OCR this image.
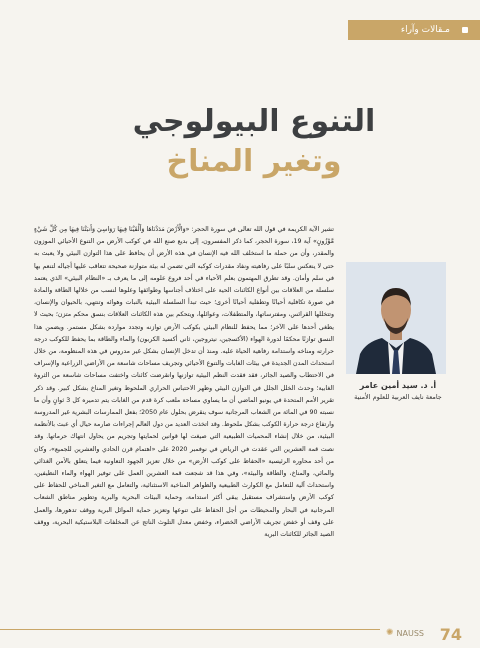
مـقالات وآراء
التنوع البيولوجي
وتغير المناخ

تشير الآية الكريمة في قول الله تعالى في سورة الحجر: «وَالْأَرْضَ مَدَدْنَاهَا وَأَلْقَيْنَا فِيهَا رَوَاسِيَ وَأَنبَتْنَا فِيهَا مِن كُلِّ شَيْءٍ مَّوْزُونٍ» آية 19، سورة الحجر، كما ذكر المفسرون، إلى بديع صنع الله في كوكب الأرض من التنوع الأحيائي الموزون والمقدر، وأن من حملة ما استخلف الله فيه الإنسان في هذه الأرض أن يحافظ على هذا التوازن البيئي ولا يعبث به حتى لا ينعكس سلبًا على رفاهيته ونفاد مقدرات كوكبه التي تضمن له بيئة متوازنة صحيحة تتعاقب عليها أجياله لتنعم بها في سلم وأمان. وقد تطرق المهتمون بعلم الأحياء في أحد فروع علومه إلى ما يعرف بـ «النظام البيئي» الذي يعتمد سلسلة من العلاقات بين أنواع الكائنات الحية على اختلاف أجناسها وطوائفها وعلوها لنسب من خلالها الطاقة والمادة في صورة تكافلية أحيانًا وتطفلية أحيانًا أخرى؛ حيث تبدأ السلسلة البيئية بالنبات وهوائه وتنتهي، بالحيوان والإنسان، وتتخللها القرائس، ومفترساتها، والمتطفلات، وعوائلها، ويتحكم بين هذه الكائنات العلاقات بنسق محكم متزن؛ بحيث لا يطغى أحدها على الآخر؛ مما يحفظ للنظام البيئي بكوكب الأرض توازنه وتجدد موارده بشكل مستمر. ويضمن هذا النسق توازنًا محكمًا لدورة الهواء (الأكسجين، نيتروجين، ثاني أكسيد الكربون) والماء والطاقة بما يحفظ للكوكب درجة حرارته ومناخه واستدامة رفاهية الحياة عليه. ومنذ أن تدخل الإنسان بشكل غير مدروس في هذه المنظومة، من خلال استحداث المدن الجديدة في بيئات الغابات والتنوع الأحيائي وتجريف مساحات شاسعة من الأراضي الزراعية والإسراف في الاحتطاب والصيد الجائر، فقد فقدت النظم البيئية توازنها وانقرضت كائنات واختفت مساحات شاسعة من الثروة الغابية؛ وحدث الخلل الجلل في التوازن البيئي وظهر الاحتباس الحراري الملحوظ وتغير المناخ بشكل كبير. وقد ذكر تقرير الأمم المتحدة في يونيو الماضي أن ما يساوي مساحة ملعب كرة قدم من الغابات يتم تدميره كل 3 ثوانٍ وأن ما نسبته 90 في المائة من الشعاب المرجانية سوف ينقرض بحلول عام 2050؛ بفعل الممارسات البشرية غير المدروسة وارتفاع درجة حرارة الكوكب بشكل ملحوظ. وقد اتخذت العديد من دول العالم إجراءات صارمة حيال أي عبث بالأنظمة البيئية، من خلال إنشاء المحميات الطبيعية التي صيغت لها قوانين لحمايتها وتجريم من يحاول انتهاك حرماتها. وقد نصت قمة العشرين التي عقدت في الرياض في نوفمبر 2020 على «اهتمام قرن الحادي والعشرين للجميع»، وكان من أحد محاوره الرئيسية «الحفاظ على كوكب الأرض» من خلال تعزيز الجهود التعاونية فيما يتعلق بالأمن الغذائي والمائي، والمناخ، والطاقة والبيئة»، وفي هذا قد شجعت قمة العشرين العمل على توفير الهواء والماء النظيفين، واستحداث آلية للتعامل مع الكوارث الطبيعية والظواهر المناخية الاستثنائية، والتعامل مع التغير المناخي للحفاظ على كوكب الأرض واستشراف مستقبل يبقى أكثر استدامة، وحماية البيئات البحرية والبرية وتطوير مناطق الشعاب المرجانية في البحار والمحيطات من أجل الحفاظ على تنوعها وتعزيز حماية الموائل البرية ووقف تدهورها، والعمل على وقف أو خفض تجريف الأراضي الخضراء، وخفض معدل التلوث الناتج عن المخلفات البلاستيكية البحرية، ووقف الصيد الجائر للكائنات البرية

أ. د. سيد أمين عامر
جامعة نايف العربية للعلوم الأمنية
✺ NAUSS 74
